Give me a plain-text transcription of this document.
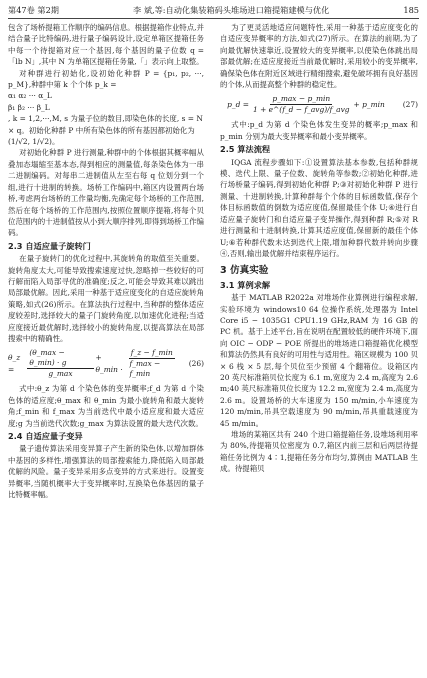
第47卷 第2期	李 斌,等:自动化集装箱码头堆场进口箱提箱建模与优化	185

包含了场桥提箱工作顺序的编码信息。根据提箱作业特点,并结合量子比特编码,进行量子编码设计,设定单箱区提箱任务中每一个待提箱对应一个基因,每个基因的量子位数 q =「lb N」,其中 N 为单箱区提箱任务量,「」表示向上取整。

对种群进行初始化,设初始化种群 P = {p₁, p₂, ···, p_M},种群中第 k 个个体 p_k =

α₁ α₂ ··· α_L
β₁ β₂ ··· β_L
, k = 1,2,···,M, s 为量子位的数目,即染色体的长度, s = N × q。初始化种群 P 中所有染色体的所有基因都初始化为 (1/√2, 1/√2)。

对初始化种群 P 进行测量,种群中的个体根据其概率幅从叠加态塌缩至基本态,得到相应的测量值,每条染色体为一串二进制编码。对每串二进制值从左至右每 q 位划分到一个组,进行十进制的转换。场桥工作编码中,箱区内设置两台场桥,考虑两台场桥的工作量均衡,先确定每个场桥的工作范围,然后在每个场桥的工作范围内,按照位置顺序提箱,将每个贝位范围内的十进制值按从小到大顺序排列,即得到场桥工作编码。

2.3 自适应量子旋转门

在量子旋转门的优化过程中,其旋转角的取值至关重要。旋转角度太大,可能导致搜索速度过快,忽略掉一些较好的可行解而陷入局部寻优的准确度;反之,可能会导致其难以跳出局部最优解。因此,采用一种基于适应度变化的自适应旋转角策略,如式(26)所示。在算法执行过程中,当种群的整体适应度较差时,选择较大的量子门旋转角度,以加速优化进程;当适应度接近最优解时,选择较小的旋转角度,以提高算法在局部搜索中的精确性。

θ_z =	$\frac{(\theta\_\max - \theta\_\min) \cdot g}{g\_\max}$ + θ_min · $\frac{f\_z - f\_\min}{f\_\max - f\_\min}$	(26)

式中:θ_z 为第 d 个染色体的变异概率;f_d 为第 d 个染色体的适应度;θ_max 和 θ_min 为最小旋转角和最大旋转角;f_min 和 f_max 为当前迭代中最小适应度和最大适应度;g 为当前迭代次数;g_max 为算法设置的最大迭代次数。

2.4 自适应量子变异

量子遗传算法采用变异算子产生新的染色体,以增加群体中基因的多样性,增强算法的局部搜索能力,降低陷入局部最优解的风险。量子变异采用多点变异的方式来进行。设置变异概率,当随机概率大于变异概率时,互换染色体基因的量子比特概率幅。

为了更灵活地适应问题特性,采用一种基于适应度变化的自适应变异概率的方法,如式(27)所示。在算法的前期,为了向最优解快速靠近,设置较大的变异概率,以使染色体跳出局部最优解;在适应度接近当前最优解时,采用较小的变异概率,确保染色体在附近区域进行精细搜索,避免破坏拥有良好基因的个体,从而提高整个种群的稳定性。

p_d = $\frac{p\_\max - p\_\min}{\text{1 + e\textasciicircum{}(f\_d − f\_avg)/f\_avg}}$ + p_min	(27)

式中:p_d 为第 d 个染色体发生变异的概率;p_max 和 p_min 分别为最大变异概率和最小变异概率。

2.5 算法流程

IQGA 流程步骤如下:①设置算法基本参数,包括种群规模、迭代上限、量子位数、旋转角等参数;②初始化种群,进行场桥量子编码,得到初始化种群 P;③对初始化种群 P 进行测量、十进制转换,计算种群每个个体的目标函数值,保存个体目标函数值的倒数为适应度值,保留最佳个体 U;④进行自适应量子旋转门和自适应量子变异操作,得到种群 R;⑤对 R 进行测量和十进制转换,计算其适应度值,保留新的最佳个体 U;⑥若种群代数未达到迭代上限,增加种群代数并转向步骤④,否则,输出最优解并结束程序运行。

3 仿真实验
3.1 算例求解

基于 MATLAB R2022a 对堆场作业算例进行编程求解,实验环境为 windows10 64 位操作系统,处理器为 Intel Core i5 − 1035G1 CPU1.19 GHz,RAM 为 16 GB 的 PC 机。基于上述平台,旨在说明在配置较低的硬件环境下,面向 OIC − ODP − POE 所提出的堆场进口箱提箱优化模型和算法仍然具有良好的可用性与适用性。箱区规模为 100 贝 × 6 栈 × 5 层,每个贝位至少预留 4 个翻箱位。设箱区内 20 英尺标准箱贝位长度为 6.1 m,宽度为 2.4 m,高度为 2.6 m;40 英尺标准箱贝位长度为 12.2 m,宽度为 2.4 m,高度为 2.6 m。设置场桥的大车速度为 150 m/min,小车速度为 120 m/min,吊具空载速度为 90 m/min,吊具重载速度为 45 m/min。

堆场的某箱区共有 240 个进口箱提箱任务,设堆场利用率为 80%,待提箱贝位密度为 0.7,箱区内前三层和后两层待提箱任务比例为 4∶1,提箱任务分布均匀,算例由 MATLAB 生成。待提箱贝
